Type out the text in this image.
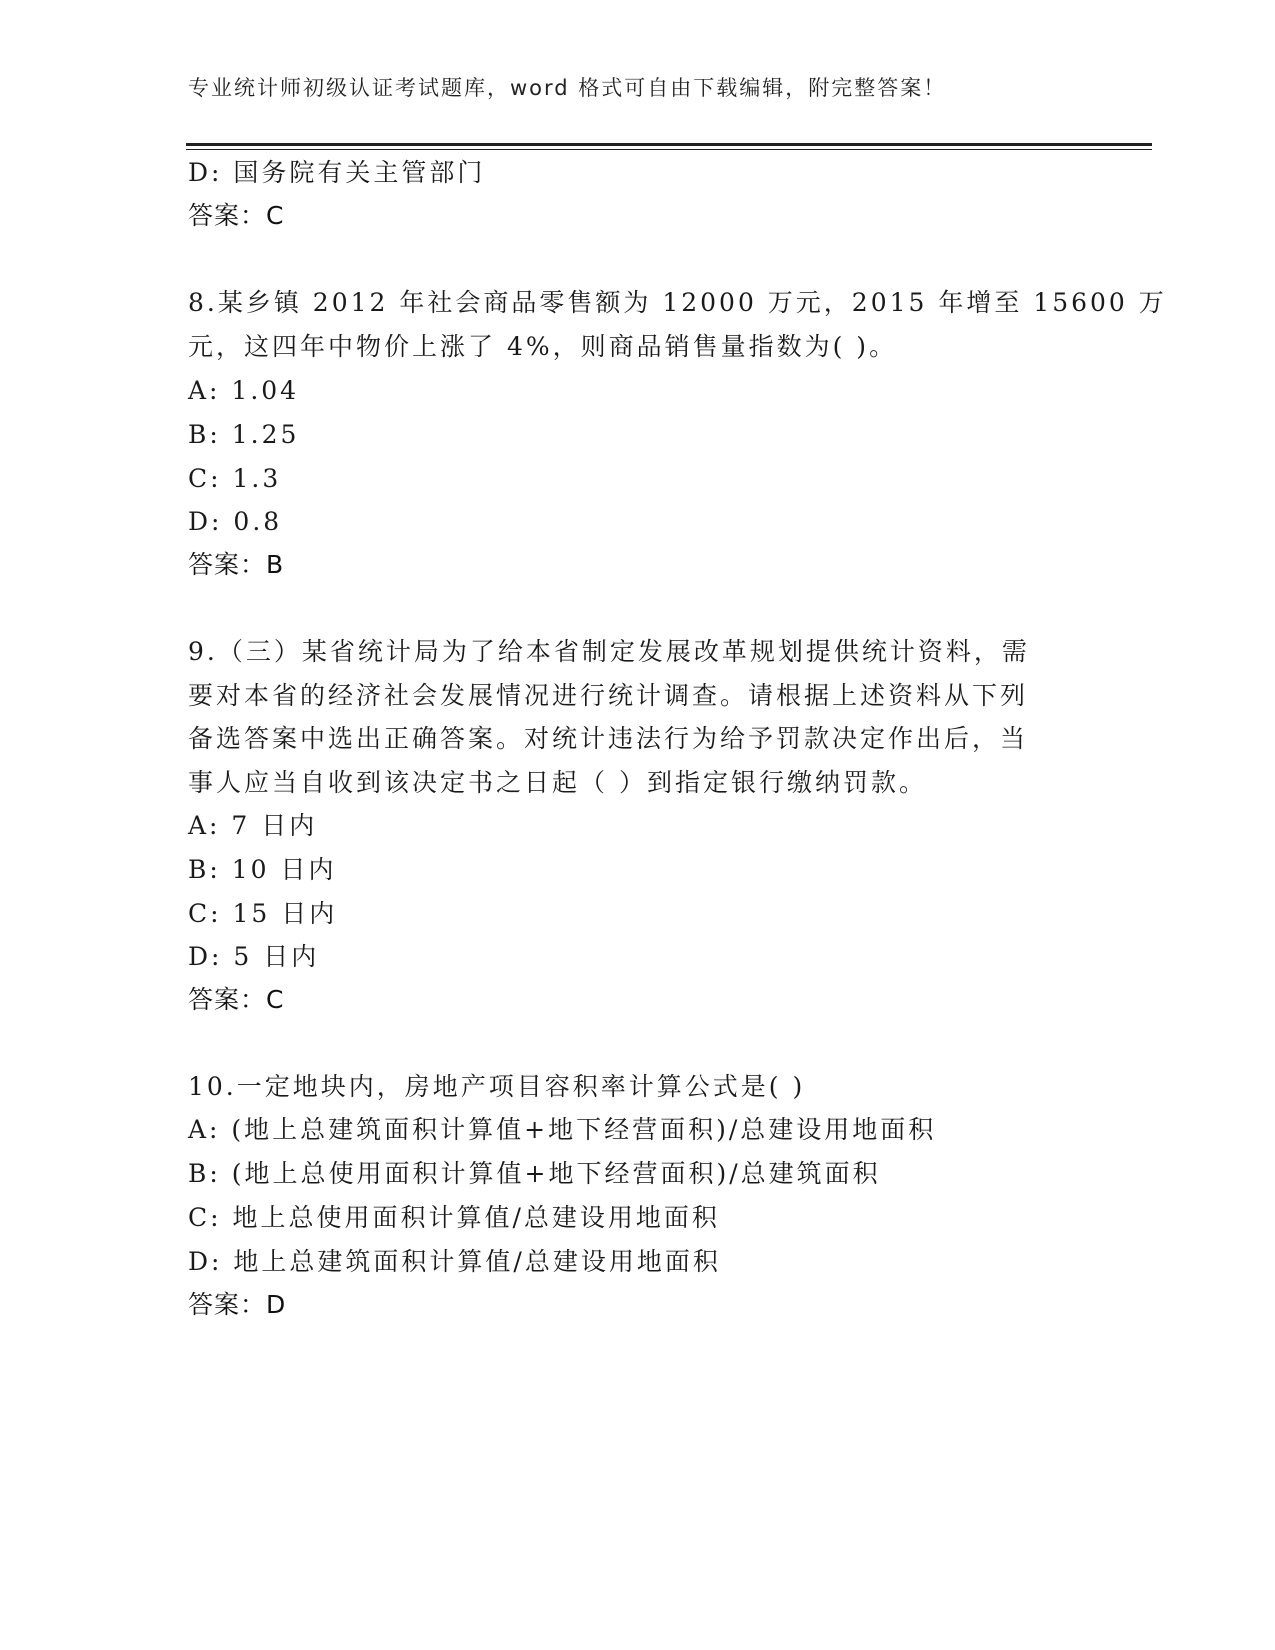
专业统计师初级认证考试题库，word 格式可自由下载编辑，附完整答案！
D: 国务院有关主管部门
答案：C
8.某乡镇 2012 年社会商品零售额为 12000 万元，2015 年增至 15600 万
元，这四年中物价上涨了 4%，则商品销售量指数为( )。
A: 1.04
B: 1.25
C: 1.3
D: 0.8
答案：B
9.（三）某省统计局为了给本省制定发展改革规划提供统计资料，需
要对本省的经济社会发展情况进行统计调查。请根据上述资料从下列
备选答案中选出正确答案。对统计违法行为给予罚款决定作出后，当
事人应当自收到该决定书之日起（ ）到指定银行缴纳罚款。
A: 7 日内
B: 10 日内
C: 15 日内
D: 5 日内
答案：C
10.一定地块内，房地产项目容积率计算公式是( )
A: (地上总建筑面积计算值+地下经营面积)/总建设用地面积
B: (地上总使用面积计算值+地下经营面积)/总建筑面积
C: 地上总使用面积计算值/总建设用地面积
D: 地上总建筑面积计算值/总建设用地面积
答案：D
